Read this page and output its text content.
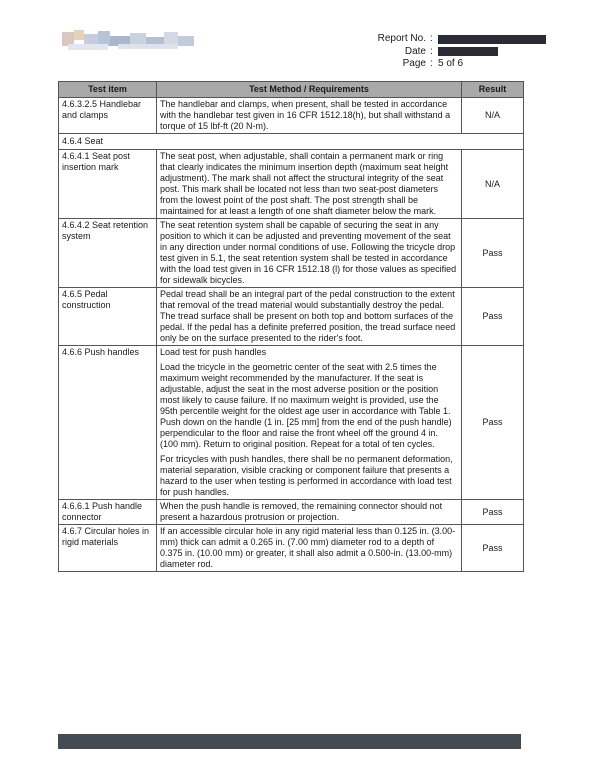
Report No. :
Date :
Page : 5 of 6
Test item	Test Method / Requirements	Result
4.6.3.2.5 Handlebar and clamps	The handlebar and clamps, when present, shall be tested in accordance with the handlebar test given in 16 CFR 1512.18(h), but shall withstand a torque of 15 lbf-ft (20 N-m).	N/A
4.6.4 Seat		
4.6.4.1 Seat post insertion mark	The seat post, when adjustable, shall contain a permanent mark or ring that clearly indicates the minimum insertion depth (maximum seat height adjustment). The mark shall not affect the structural integrity of the seat post. This mark shall be located not less than two seat-post diameters from the lowest point of the post shaft. The post strength shall be maintained for at least a length of one shaft diameter below the mark.	N/A
4.6.4.2 Seat retention system	The seat retention system shall be capable of securing the seat in any position to which it can be adjusted and preventing movement of the seat in any direction under normal conditions of use. Following the tricycle drop test given in 5.1, the seat retention system shall be tested in accordance with the load test given in 16 CFR 1512.18 (l) for those values as specified for sidewalk bicycles.	Pass
4.6.5 Pedal construction	Pedal tread shall be an integral part of the pedal construction to the extent that removal of the tread material would substantially destroy the pedal. The tread surface shall be present on both top and bottom surfaces of the pedal. If the pedal has a definite preferred position, the tread surface need only be on the surface presented to the rider's foot.	Pass
4.6.6 Push handles	Load test for push handles

Load the tricycle in the geometric center of the seat with 2.5 times the maximum weight recommended by the manufacturer. If the seat is adjustable, adjust the seat in the most adverse position or the position most likely to cause failure. If no maximum weight is provided, use the 95th percentile weight for the oldest age user in accordance with Table 1. Push down on the handle (1 in. [25 mm] from the end of the push handle) perpendicular to the floor and raise the front wheel off the ground 4 in. (100 mm). Return to original position. Repeat for a total of ten cycles.

For tricycles with push handles, there shall be no permanent deformation, material separation, visible cracking or component failure that presents a hazard to the user when testing is performed in accordance with load test for push handles.	Pass
4.6.6.1 Push handle connector	When the push handle is removed, the remaining connector should not present a hazardous protrusion or projection.	Pass
4.6.7 Circular holes in rigid materials	If an accessible circular hole in any rigid material less than 0.125 in. (3.00-mm) thick can admit a 0.265 in. (7.00 mm) diameter rod to a depth of 0.375 in. (10.00 mm) or greater, it shall also admit a 0.500-in. (13.00-mm) diameter rod.	Pass
